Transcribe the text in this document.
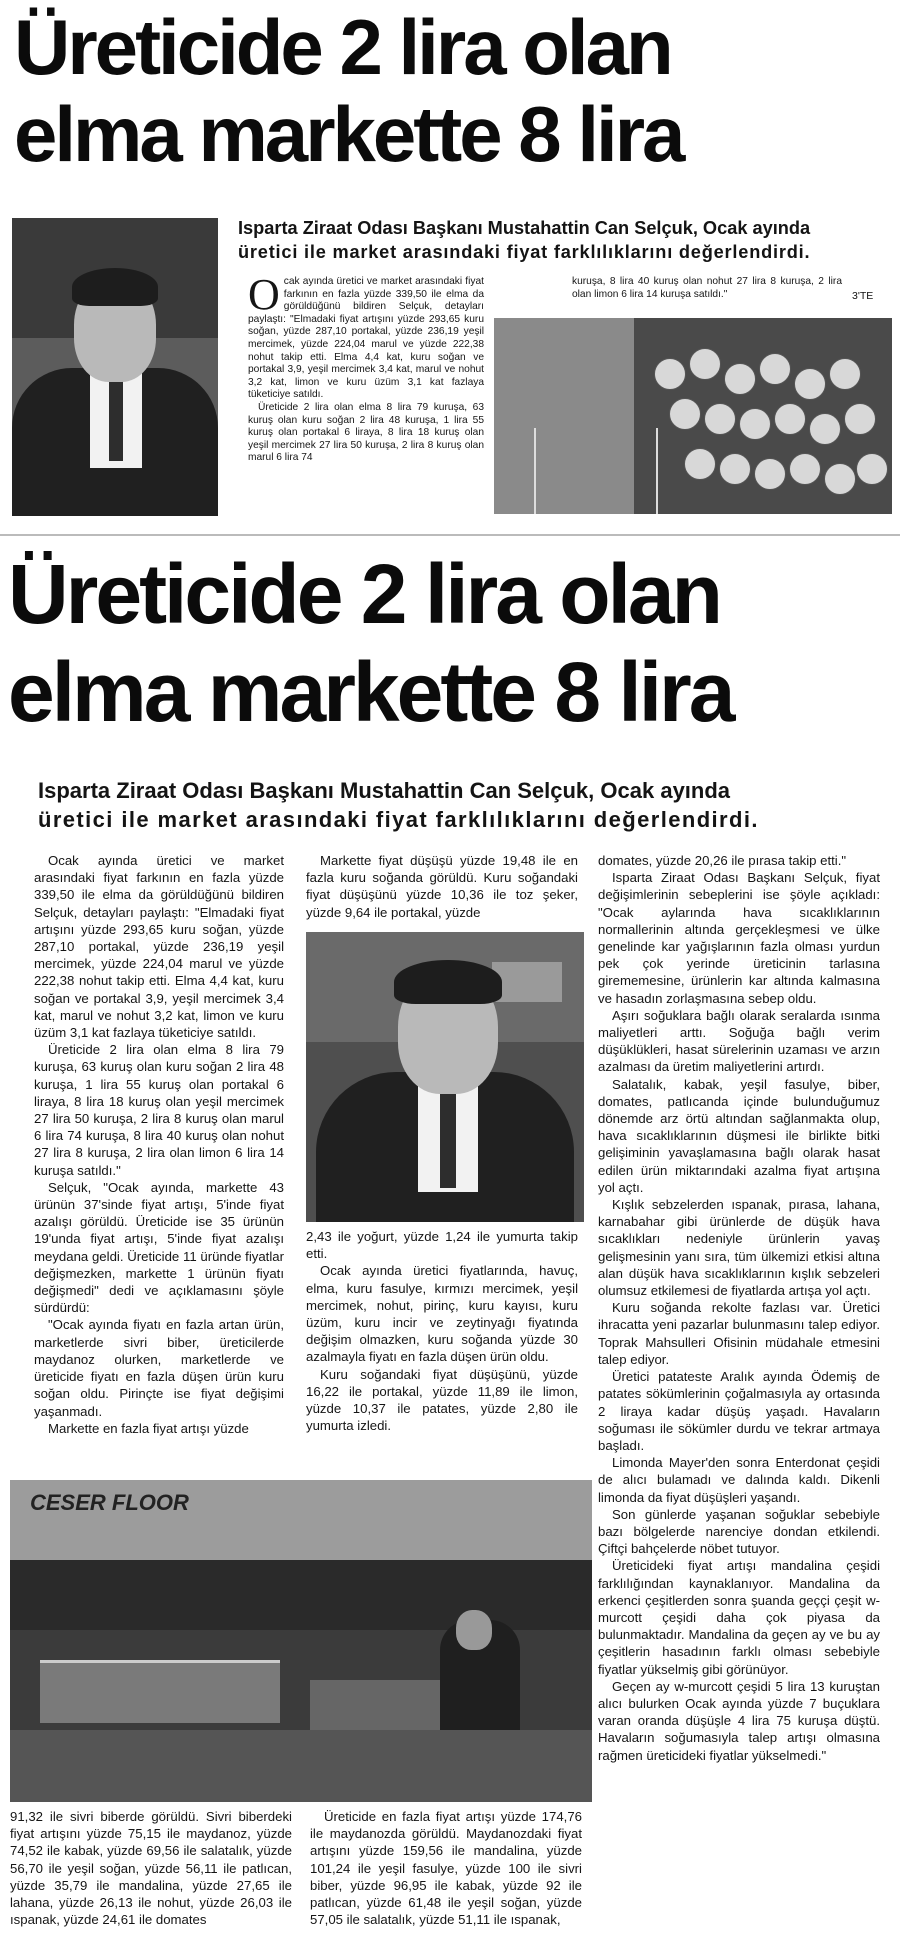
Üreticide 2 lira olan
elma markette 8 lira
Isparta Ziraat Odası Başkanı Mustahattin Can Selçuk, Ocak ayında
üretici ile market arasındaki fiyat farklılıklarını değerlendirdi.
O cak ayında üretici ve market arasındaki fiyat farkının en fazla yüzde 339,50 ile elma da görüldüğünü bildiren Selçuk, detayları paylaştı: "Elmadaki fiyat artışını yüzde 293,65 kuru soğan, yüzde 287,10 portakal, yüzde 236,19 yeşil mercimek, yüzde 224,04 marul ve yüzde 222,38 nohut takip etti. Elma 4,4 kat, kuru soğan ve portakal 3,9, yeşil mercimek 3,4 kat, marul ve nohut 3,2 kat, limon ve kuru üzüm 3,1 kat fazlaya tüketiciye satıldı.

Üreticide 2 lira olan elma 8 lira 79 kuruşa, 63 kuruş olan kuru soğan 2 lira 48 kuruşa, 1 lira 55 kuruş olan portakal 6 liraya, 8 lira 18 kuruş olan yeşil mercimek 27 lira 50 kuruşa, 2 lira 8 kuruş olan marul 6 lira 74

kuruşa, 8 lira 40 kuruş olan nohut 27 lira 8 kuruşa, 2 lira olan limon 6 lira 14 kuruşa satıldı."	3'TE
Üreticide 2 lira olan
elma markette 8 lira
Isparta Ziraat Odası Başkanı Mustahattin Can Selçuk, Ocak ayında
üretici ile market arasındaki fiyat farklılıklarını değerlendirdi.

Ocak ayında üretici ve market arasındaki fiyat farkının en fazla yüzde 339,50 ile elma da görüldüğünü bildiren Selçuk, detayları paylaştı: "Elmadaki fiyat artışını yüzde 293,65 kuru soğan, yüzde 287,10 portakal, yüzde 236,19 yeşil mercimek, yüzde 224,04 marul ve yüzde 222,38 nohut takip etti. Elma 4,4 kat, kuru soğan ve portakal 3,9, yeşil mercimek 3,4 kat, marul ve nohut 3,2 kat, limon ve kuru üzüm 3,1 kat fazlaya tüketiciye satıldı.

Üreticide 2 lira olan elma 8 lira 79 kuruşa, 63 kuruş olan kuru soğan 2 lira 48 kuruşa, 1 lira 55 kuruş olan portakal 6 liraya, 8 lira 18 kuruş olan yeşil mercimek 27 lira 50 kuruşa, 2 lira 8 kuruş olan marul 6 lira 74 kuruşa, 8 lira 40 kuruş olan nohut 27 lira 8 kuruşa, 2 lira olan limon 6 lira 14 kuruşa satıldı."

Selçuk, "Ocak ayında, markette 43 ürünün 37'sinde fiyat artışı, 5'inde fiyat azalışı görüldü. Üreticide ise 35 ürünün 19'unda fiyat artışı, 5'inde fiyat azalışı meydana geldi. Üreticide 11 üründe fiyatlar değişmezken, markette 1 ürünün fiyatı değişmedi" dedi ve açıklamasını şöyle sürdürdü:

"Ocak ayında fiyatı en fazla artan ürün, marketlerde sivri biber, üreticilerde maydanoz olurken, marketlerde ve üreticide fiyatı en fazla düşen ürün kuru soğan oldu. Pirinçte ise fiyat değişimi yaşanmadı.

Markette en fazla fiyat artışı yüzde

Markette fiyat düşüşü yüzde 19,48 ile en fazla kuru soğanda görüldü. Kuru soğandaki fiyat düşüşünü yüzde 10,36 ile toz şeker, yüzde 9,64 ile portakal, yüzde

2,43 ile yoğurt, yüzde 1,24 ile yumurta takip etti.

Ocak ayında üretici fiyatlarında, havuç, elma, kuru fasulye, kırmızı mercimek, yeşil mercimek, nohut, pirinç, kuru kayısı, kuru üzüm, kuru incir ve zeytinyağı fiyatında değişim olmazken, kuru soğanda yüzde 30 azalmayla fiyatı en fazla düşen ürün oldu.

Kuru soğandaki fiyat düşüşünü, yüzde 16,22 ile portakal, yüzde 11,89 ile limon, yüzde 10,37 ile patates, yüzde 2,80 ile yumurta izledi.

domates, yüzde 20,26 ile pırasa takip etti."

Isparta Ziraat Odası Başkanı Selçuk, fiyat değişimlerinin sebeplerini ise şöyle açıkladı: "Ocak aylarında hava sıcaklıklarının normallerinin altında gerçekleşmesi ve ülke genelinde kar yağışlarının fazla olması yurdun pek çok yerinde üreticinin tarlasına girememesine, ürünlerin kar altında kalmasına ve hasadın zorlaşmasına sebep oldu.

Aşırı soğuklara bağlı olarak seralarda ısınma maliyetleri arttı. Soğuğa bağlı verim düşüklükleri, hasat sürelerinin uzaması ve arzın azalması da üretim maliyetlerini artırdı.

Salatalık, kabak, yeşil fasulye, biber, domates, patlıcanda içinde bulunduğumuz dönemde arz örtü altından sağlanmakta olup, hava sıcaklıklarının düşmesi ile birlikte bitki gelişiminin yavaşlamasına bağlı olarak hasat edilen ürün miktarındaki azalma fiyat artışına yol açtı.

Kışlık sebzelerden ıspanak, pırasa, lahana, karnabahar gibi ürünlerde de düşük hava sıcaklıkları nedeniyle ürünlerin yavaş gelişmesinin yanı sıra, tüm ülkemizi etkisi altına alan düşük hava sıcaklıklarının kışlık sebzeleri olumsuz etkilemesi de fiyatlarda artışa yol açtı.

Kuru soğanda rekolte fazlası var. Üretici ihracatta yeni pazarlar bulunmasını talep ediyor. Toprak Mahsulleri Ofisinin müdahale etmesini talep ediyor.

Üretici patateste Aralık ayında Ödemiş de patates sökümlerinin çoğalmasıyla ay ortasında 2 liraya kadar düşüş yaşadı. Havaların soğuması ile sökümler durdu ve tekrar artmaya başladı.

Limonda Mayer'den sonra Enterdonat çeşidi de alıcı bulamadı ve dalında kaldı. Dikenli limonda da fiyat düşüşleri yaşandı.

Son günlerde yaşanan soğuklar sebebiyle bazı bölgelerde narenciye dondan etkilendi. Çiftçi bahçelerde nöbet tutuyor.

Üreticideki fiyat artışı mandalina çeşidi farklılığından kaynaklanıyor. Mandalina da erkenci çeşitlerden sonra şuanda geççi çeşit w-murcott çeşidi daha çok piyasa da bulunmaktadır. Mandalina da geçen ay ve bu ay çeşitlerin hasadının farklı olması sebebiyle fiyatlar yükselmiş gibi görünüyor.

Geçen ay w-murcott çeşidi 5 lira 13 kuruştan alıcı bulurken Ocak ayında yüzde 7 buçuklara varan oranda düşüşle 4 lira 75 kuruşa düştü. Havaların soğumasıyla talep artışı olmasına rağmen üreticideki fiyatlar yükselmedi."

CESER FLOOR

91,32 ile sivri biberde görüldü. Sivri biberdeki fiyat artışını yüzde 75,15 ile maydanoz, yüzde 74,52 ile kabak, yüzde 69,56 ile salatalık, yüzde 56,70 ile yeşil soğan, yüzde 56,11 ile patlıcan, yüzde 35,79 ile mandalina, yüzde 27,65 ile lahana, yüzde 26,13 ile nohut, yüzde 26,03 ile ıspanak, yüzde 24,61 ile domates

Üreticide en fazla fiyat artışı yüzde 174,76 ile maydanozda görüldü. Maydanozdaki fiyat artışını yüzde 159,56 ile mandalina, yüzde 101,24 ile yeşil fasulye, yüzde 100 ile sivri biber, yüzde 96,95 ile kabak, yüzde 92 ile patlıcan, yüzde 61,48 ile yeşil soğan, yüzde 57,05 ile salatalık, yüzde 51,11 ile ıspanak,
